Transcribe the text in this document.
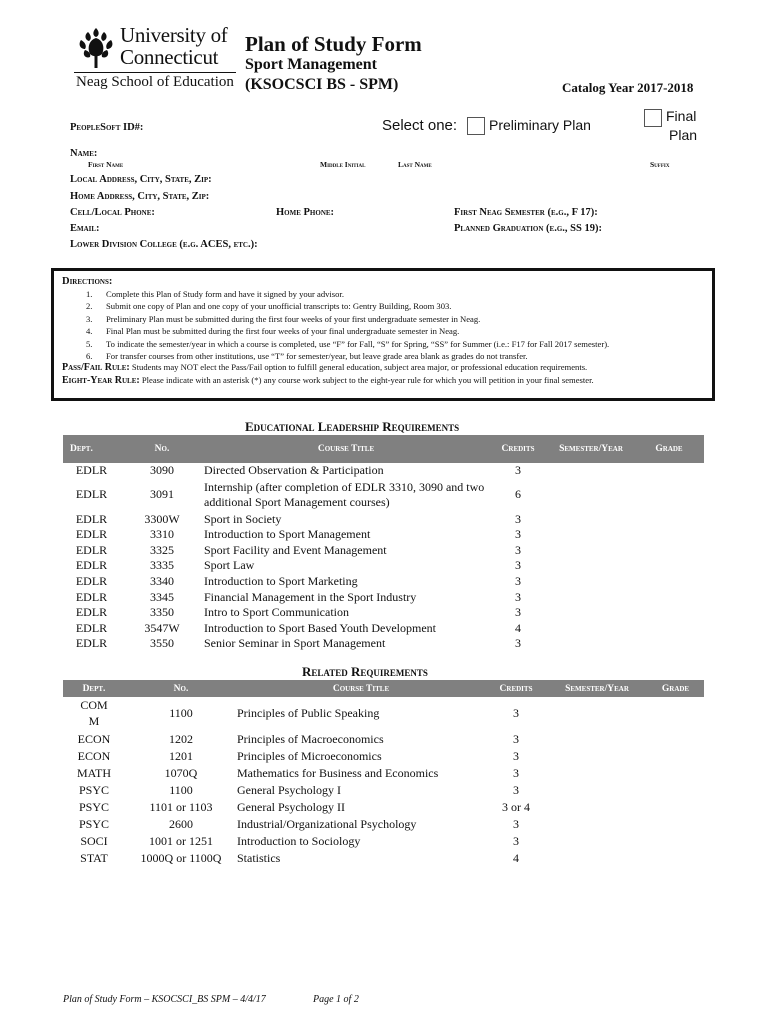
University of
Connecticut
Neag School of Education
Plan of Study Form
Sport Management
(KSOCSCI BS - SPM)	Catalog Year 2017-2018
PeopleSoft ID#:	Select one: Preliminary Plan
Final
Plan
Name:
First Name	Middle Initial	Last Name	Suffix
Local Address, City, State, Zip:
Home Address, City, State, Zip:
Cell/Local Phone:	Home Phone:	First Neag Semester (e.g., F 17):
Email:	Planned Graduation (e.g., SS 19):
Lower Division College (e.g. ACES, etc.):
Directions:
1. Complete this Plan of Study form and have it signed by your advisor.
2. Submit one copy of Plan and one copy of your unofficial transcripts to: Gentry Building, Room 303.
3. Preliminary Plan must be submitted during the first four weeks of your first undergraduate semester in Neag.
4. Final Plan must be submitted during the first four weeks of your final undergraduate semester in Neag.
5. To indicate the semester/year in which a course is completed, use “F” for Fall, “S” for Spring, “SS” for Summer (i.e.: F17 for Fall 2017 semester).
6. For transfer courses from other institutions, use “T” for semester/year, but leave grade area blank as grades do not transfer.
Pass/Fail Rule: Students may NOT elect the Pass/Fail option to fulfill general education, subject area major, or professional education requirements.
Eight-Year Rule: Please indicate with an asterisk (*) any course work subject to the eight-year rule for which you will petition in your final semester.
Educational Leadership Requirements
Dept.	No.	Course Title	Credits	Semester/Year	Grade
EDLR	3090	Directed Observation & Participation	3		
EDLR	3091	Internship (after completion of EDLR 3310, 3090 and two additional Sport Management courses)	6		
EDLR	3300W	Sport in Society	3		
EDLR	3310	Introduction to Sport Management	3		
EDLR	3325	Sport Facility and Event Management	3		
EDLR	3335	Sport Law	3		
EDLR	3340	Introduction to Sport Marketing	3		
EDLR	3345	Financial Management in the Sport Industry	3		
EDLR	3350	Intro to Sport Communication	3		
EDLR	3547W	Introduction to Sport Based Youth Development	4		
EDLR	3550	Senior Seminar in Sport Management	3		
Related Requirements
Dept.	No.	Course Title	Credits	Semester/Year	Grade
COMM	1100	Principles of Public Speaking	3		
ECON	1202	Principles of Macroeconomics	3		
ECON	1201	Principles of Microeconomics	3		
MATH	1070Q	Mathematics for Business and Economics	3		
PSYC	1100	General Psychology I	3		
PSYC	1101 or 1103	General Psychology II	3 or 4		
PSYC	2600	Industrial/Organizational Psychology	3		
SOCI	1001 or 1251	Introduction to Sociology	3		
STAT	1000Q or 1100Q	Statistics	4		
Plan of Study Form – KSOCSCI_BS SPM – 4/4/17	Page 1 of 2
